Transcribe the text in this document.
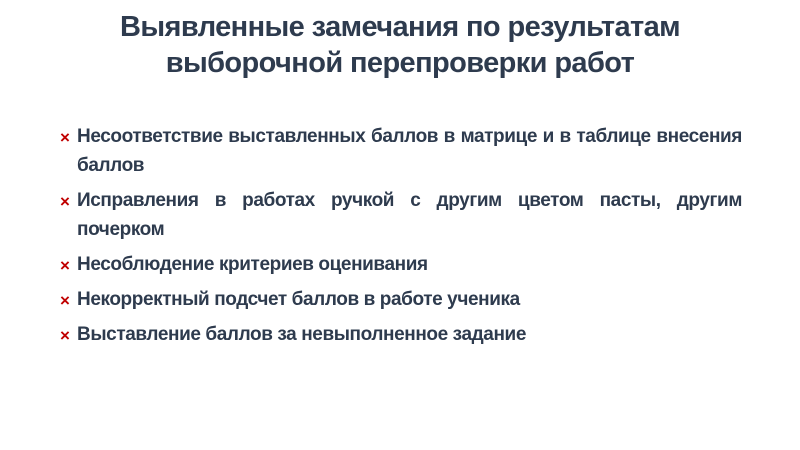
Выявленные замечания по результатам
выборочной перепроверки работ
× Несоответствие выставленных баллов в матрице и в таблице внесения баллов
× Исправления в работах ручкой с другим цветом пасты, другим почерком
× Несоблюдение критериев оценивания
× Некорректный подсчет баллов в работе ученика
× Выставление баллов за невыполненное задание
